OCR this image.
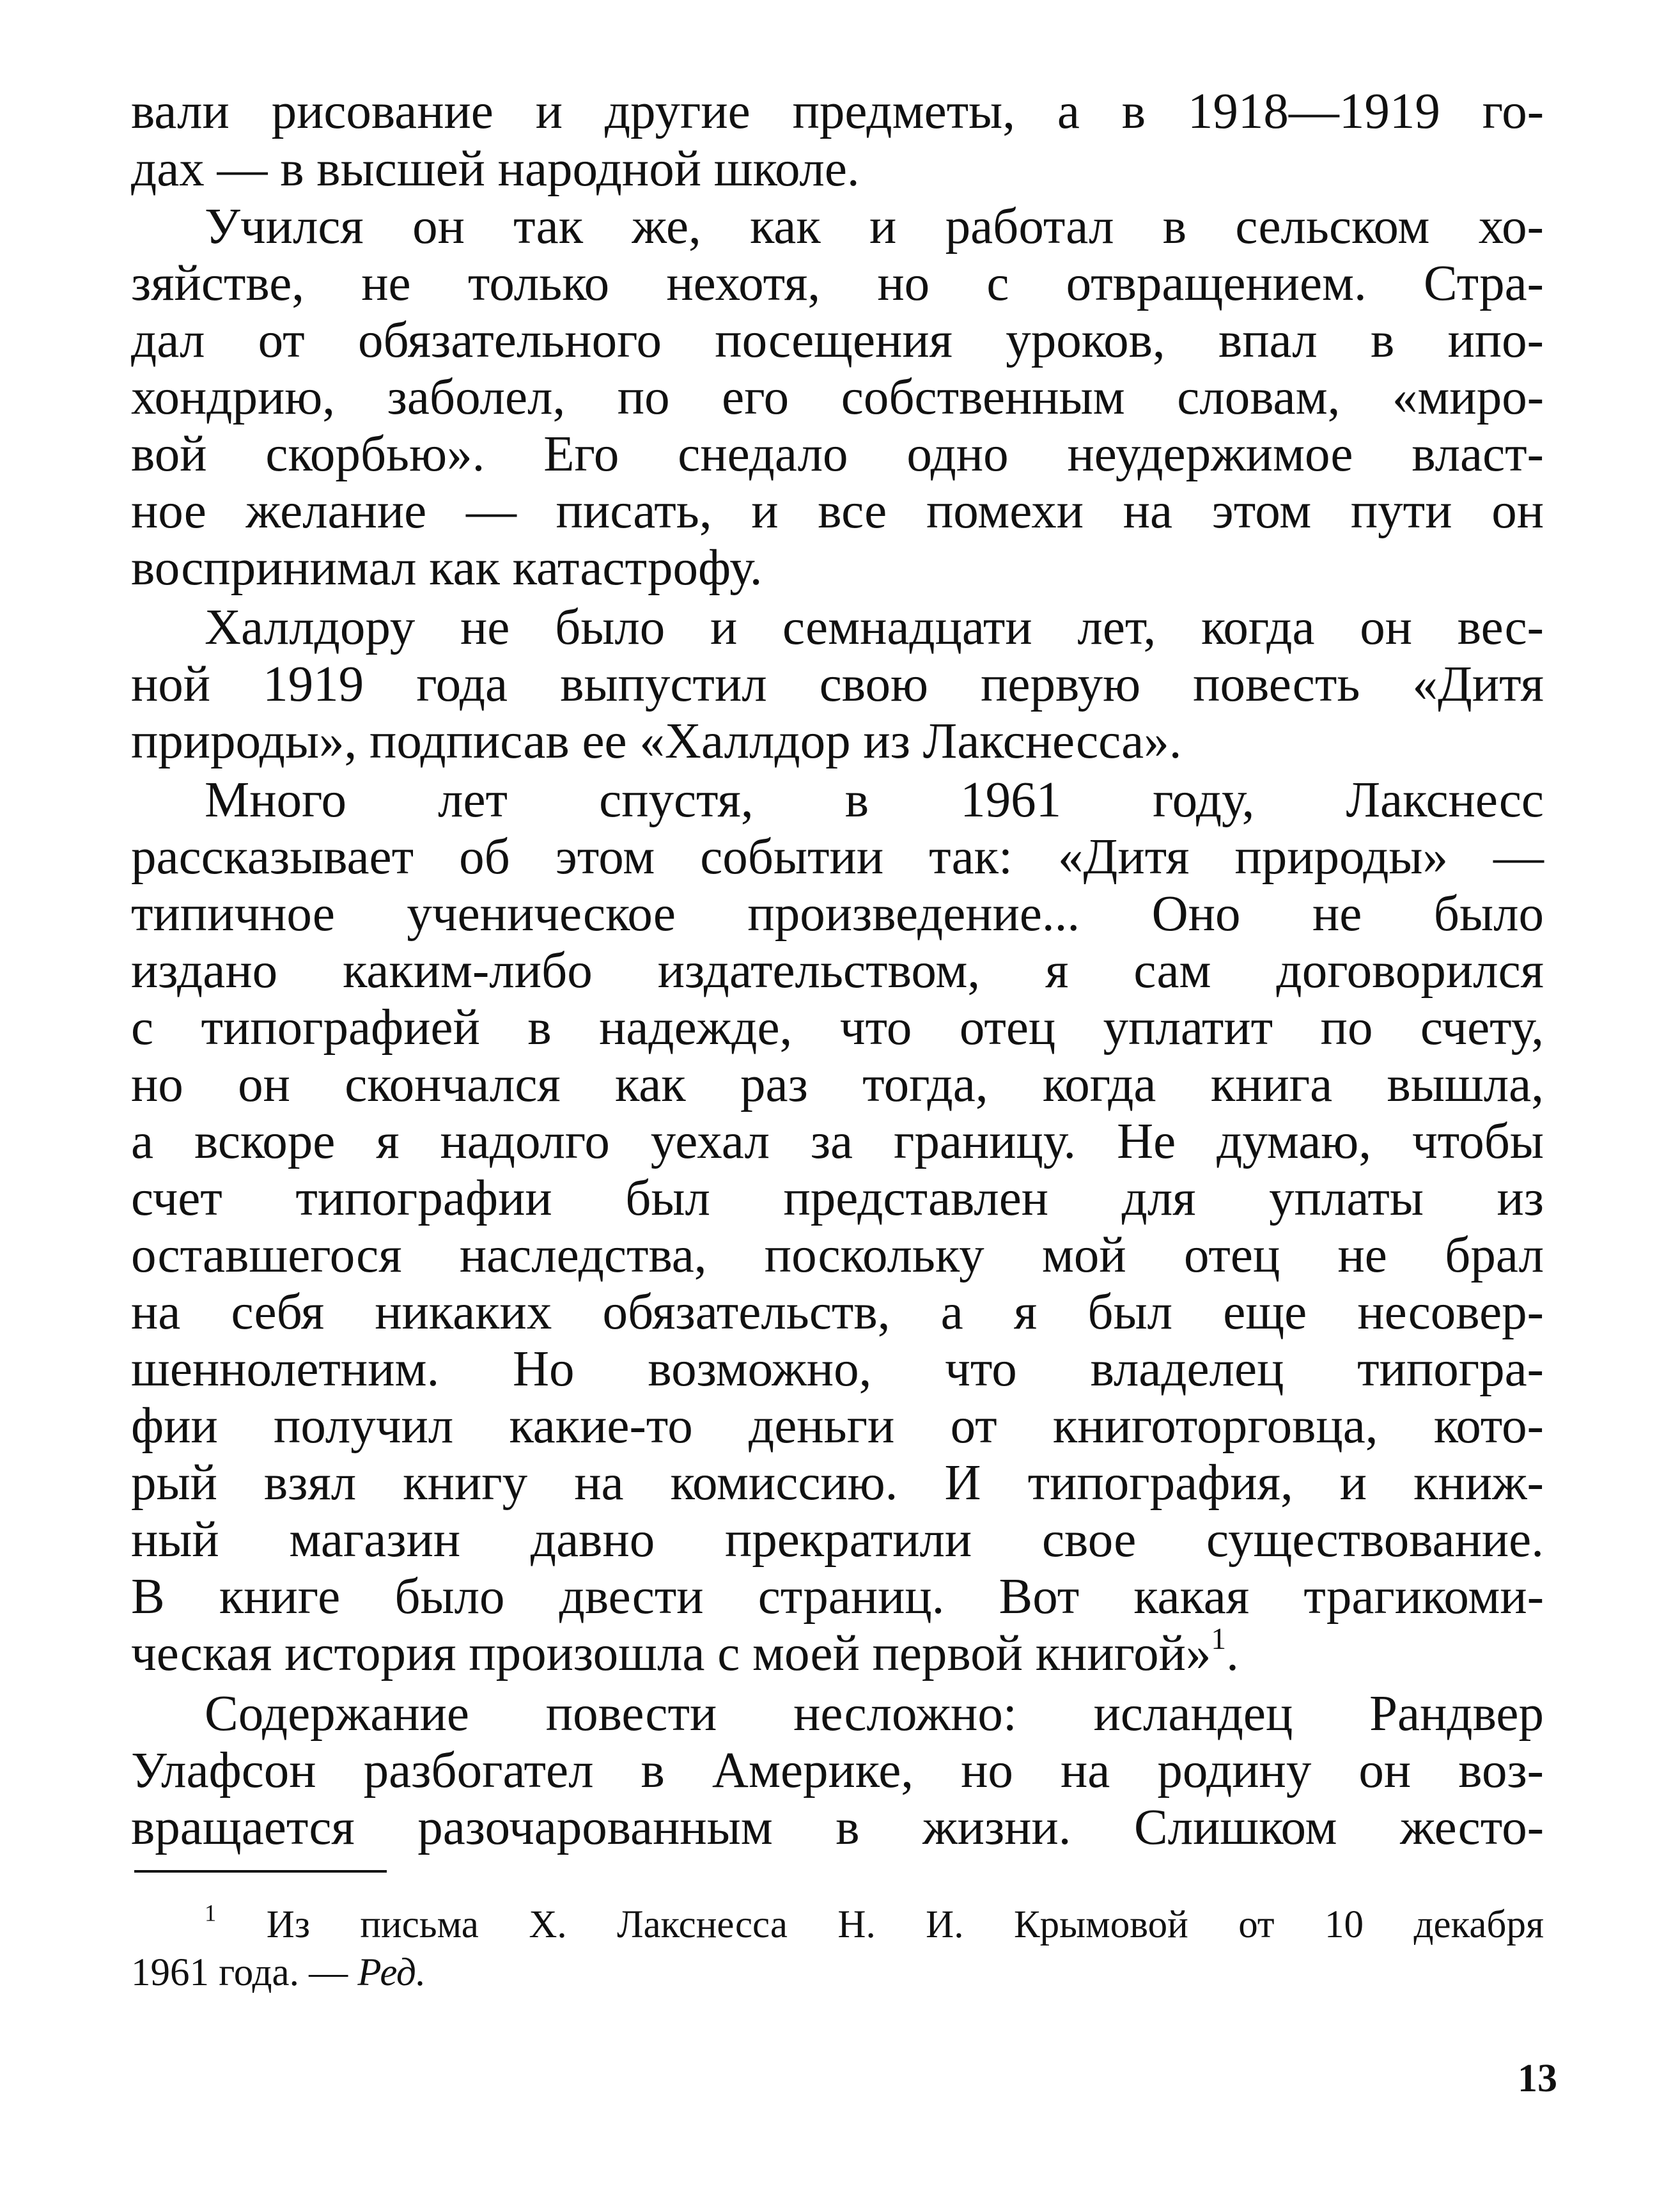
вали рисование и другие предметы, а в 1918—1919 го-
дах — в высшей народной школе.
Учился он так же, как и работал в сельском хо-
зяйстве, не только нехотя, но с отвращением. Стра-
дал от обязательного посещения уроков, впал в ипо-
хондрию, заболел, по его собственным словам, «миро-
вой скорбью». Его снедало одно неудержимое власт-
ное желание — писать, и все помехи на этом пути он
воспринимал как катастрофу.
Халлдору не было и семнадцати лет, когда он вес-
ной 1919 года выпустил свою первую повесть «Дитя
природы», подписав ее «Халлдор из Лакснесса».
Много лет спустя, в 1961 году, Лакснесс
рассказывает об этом событии так: «Дитя природы» —
типичное ученическое произведение... Оно не было
издано каким-либо издательством, я сам договорился
с типографией в надежде, что отец уплатит по счету,
но он скончался как раз тогда, когда книга вышла,
а вскоре я надолго уехал за границу. Не думаю, чтобы
счет типографии был представлен для уплаты из
оставшегося наследства, поскольку мой отец не брал
на себя никаких обязательств, а я был еще несовер-
шеннолетним. Но возможно, что владелец типогра-
фии получил какие-то деньги от книготорговца, кото-
рый взял книгу на комиссию. И типография, и книж-
ный магазин давно прекратили свое существование.
В книге было двести страниц. Вот какая трагикоми-
ческая история произошла с моей первой книгой»$^1$.
Содержание повести несложно: исландец Рандвер
Улафсон разбогател в Америке, но на родину он воз-
вращается разочарованным в жизни. Слишком жесто-
$^1$ Из письма Х. Лакснесса Н. И. Крымовой от 10 декабря
1961 года. — Ред.
13
